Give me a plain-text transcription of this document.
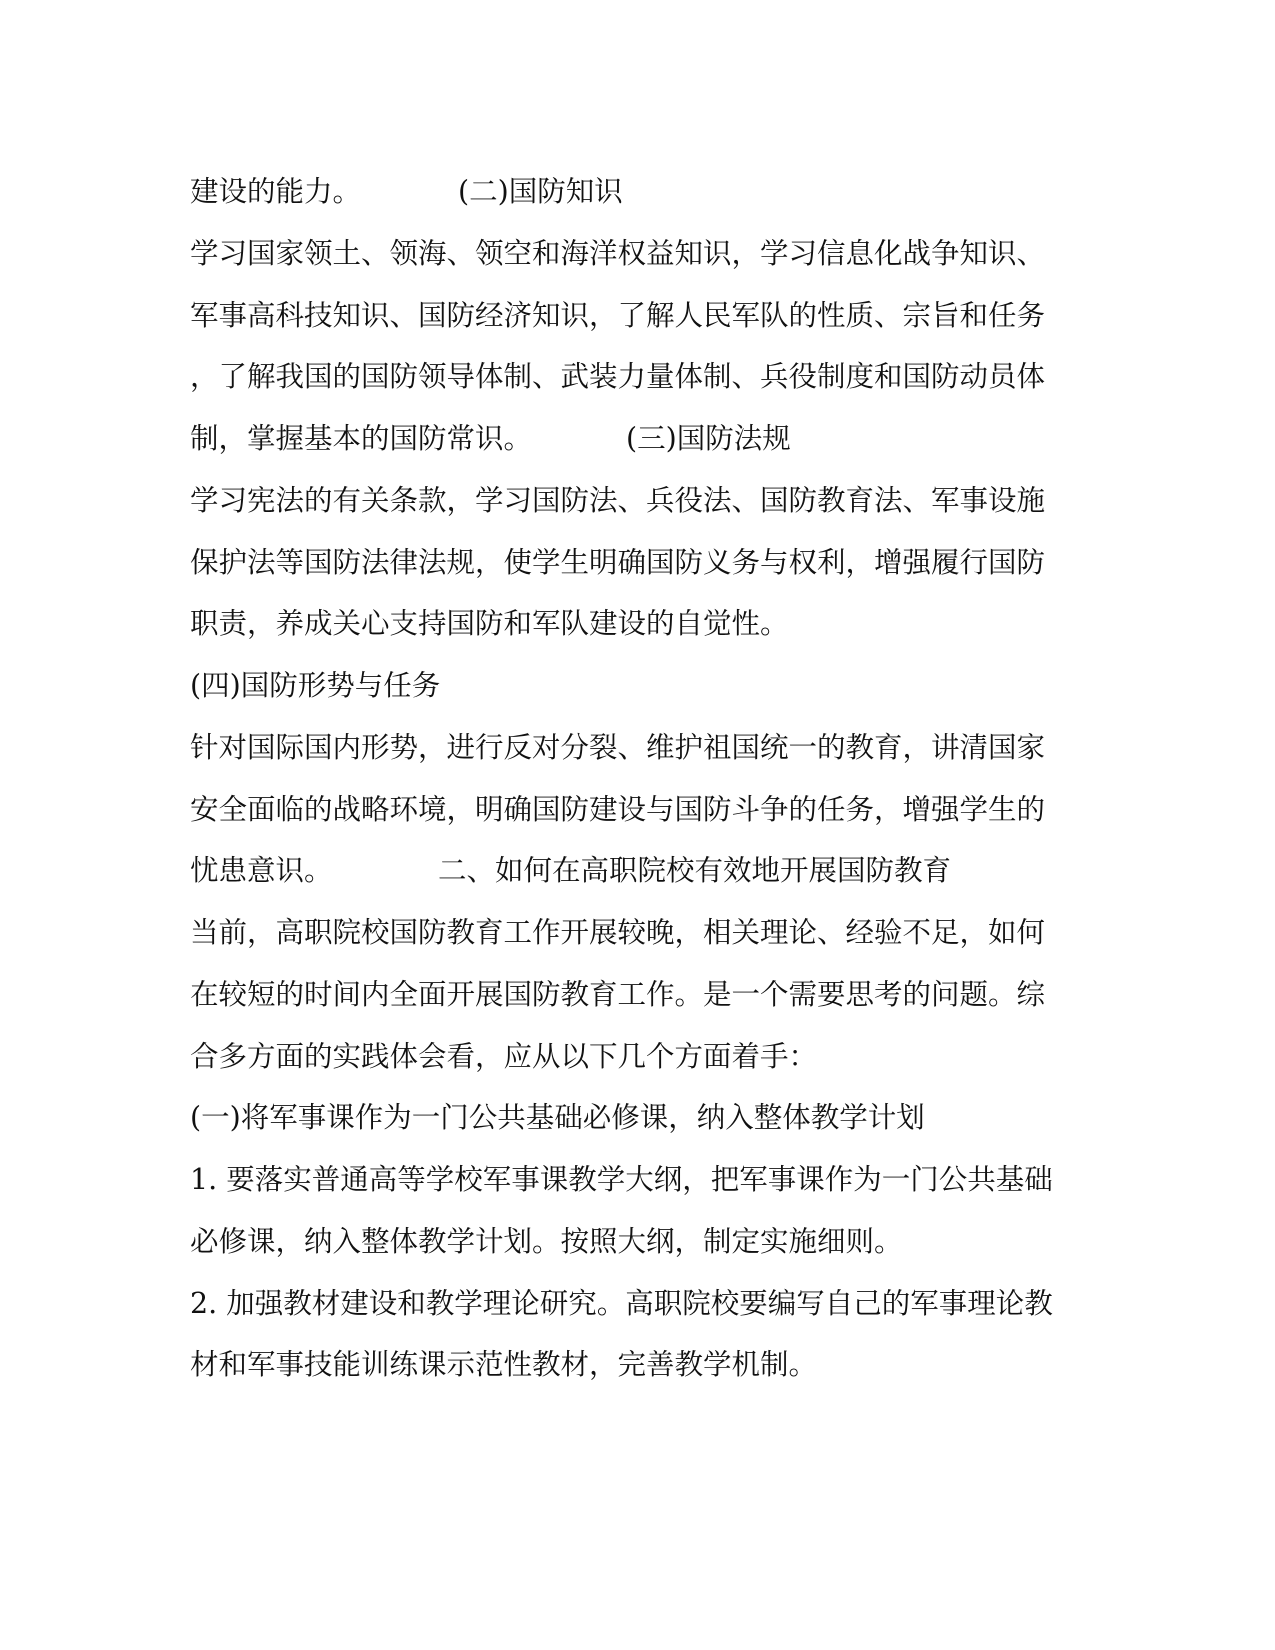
建设的能力。	(二)国防知识
学习国家领土、领海、领空和海洋权益知识，学习信息化战争知识、
军事高科技知识、国防经济知识，了解人民军队的性质、宗旨和任务
，了解我国的国防领导体制、武装力量体制、兵役制度和国防动员体
制，掌握基本的国防常识。	(三)国防法规
学习宪法的有关条款，学习国防法、兵役法、国防教育法、军事设施
保护法等国防法律法规，使学生明确国防义务与权利，增强履行国防
职责，养成关心支持国防和军队建设的自觉性。
(四)国防形势与任务
针对国际国内形势，进行反对分裂、维护祖国统一的教育，讲清国家
安全面临的战略环境，明确国防建设与国防斗争的任务，增强学生的
忧患意识。	二、如何在高职院校有效地开展国防教育
当前，高职院校国防教育工作开展较晚，相关理论、经验不足，如何
在较短的时间内全面开展国防教育工作。是一个需要思考的问题。综
合多方面的实践体会看，应从以下几个方面着手：
(一)将军事课作为一门公共基础必修课，纳入整体教学计划
1. 要落实普通高等学校军事课教学大纲，把军事课作为一门公共基础
必修课，纳入整体教学计划。按照大纲，制定实施细则。
2. 加强教材建设和教学理论研究。高职院校要编写自己的军事理论教
材和军事技能训练课示范性教材，完善教学机制。
